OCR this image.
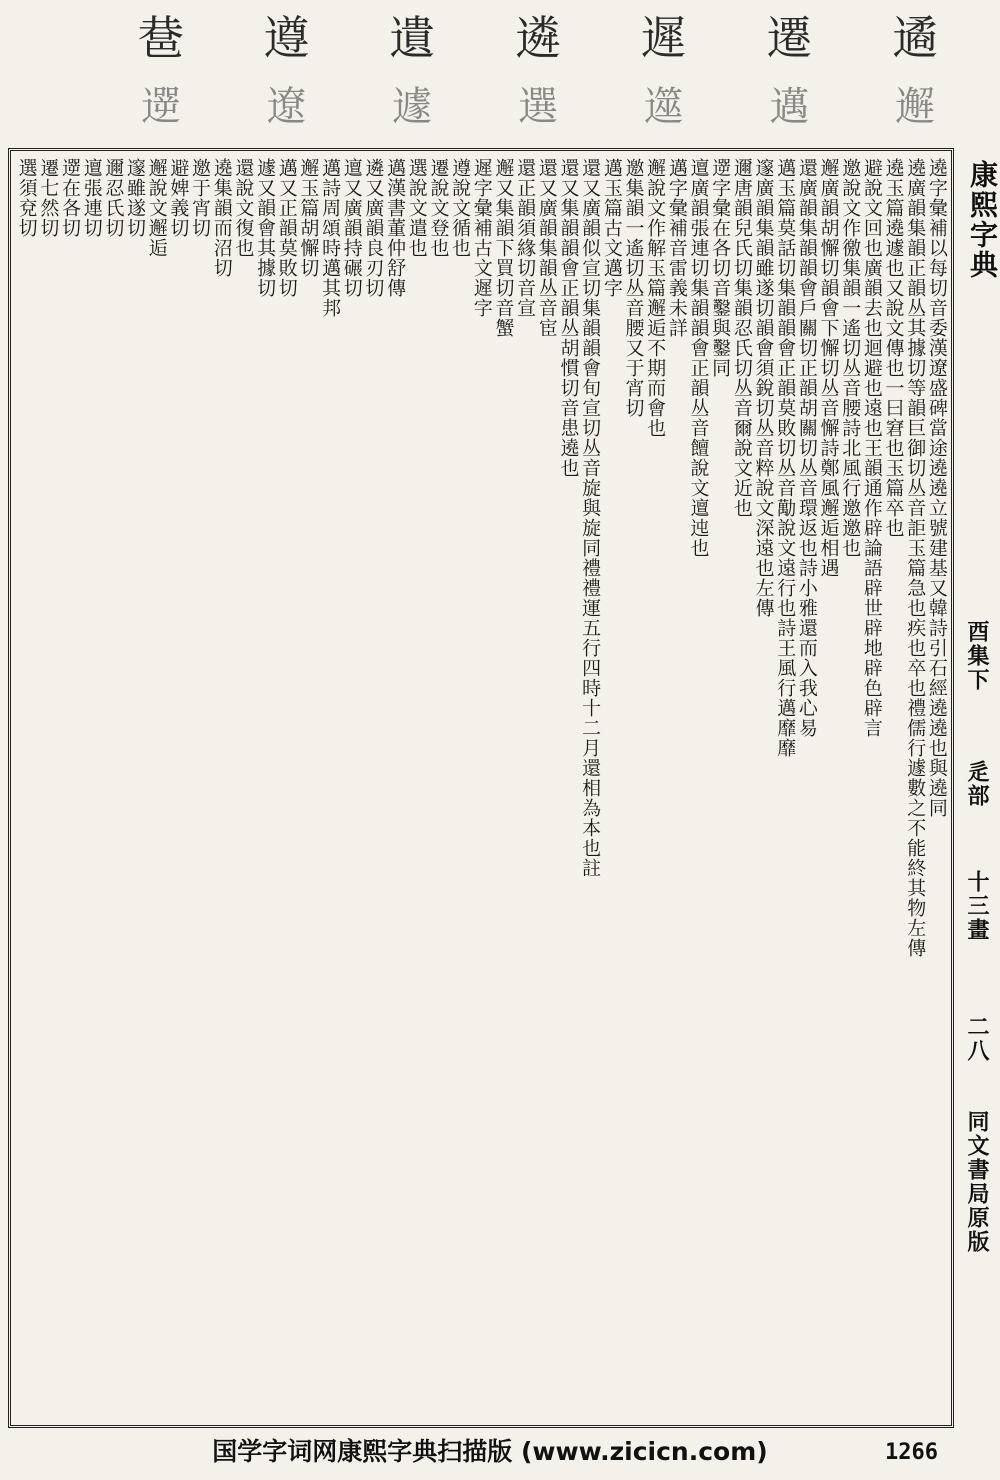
䢽 遵 遺 遴 遲 遷 遹
遻 遼 遽 選 遾 邁 邂
康熙字典
酉集下
辵部
十三畫
二八
同文書局原版
遶字彙補以每切音委漢遼盛碑當途遶遶立號建基又韓詩引石經遶遶也與遶同
遶廣韻集韻正韻丛其據切等韻巨御切丛音詎玉篇急也疾也卒也禮儒行遽數之不能終其物左傳
遶玉篇遶遽也又說文傳也一曰窘也玉篇卒也
避說文回也廣韻去也迴避也遠也王韻通作辟論語辟世辟地辟色辟言
邀說文作徼集韻一遙切丛音腰詩北風行邀邀也
邂廣韻胡懈切韻會下懈切丛音懈詩鄭風邂逅相遇
還廣韻集韻韻會戶關切正韻胡關切丛音環返也詩小雅還而入我心易
邁玉篇莫話切集韻韻會正韻莫敗切丛音勱說文遠行也詩王風行邁靡靡
邃廣韻集韻雖遂切韻會須銳切丛音粹說文深遠也左傳
邇唐韻兒氏切集韻忍氏切丛音爾說文近也
遻字彙在各切音鑿與鑿同
邅廣韻張連切集韻韻會正韻丛音饘說文邅迍也
邁字彙補音雷義未詳
邂說文作解玉篇邂逅不期而會也
邀集韻一遙切丛音腰又于宵切
邁玉篇古文邁字
還又廣韻似宣切集韻韻會旬宣切丛音旋與旋同禮禮運五行四時十二月還相為本也註
還又集韻韻會正韻丛胡慣切音患遶也
還又廣韻集韻丛音宦
還正韻須緣切音宣
邂又集韻下買切音蟹
遲字彙補古文遲字
遵說文循也
遷說文登也
選說文遣也
邁漢書董仲舒傳
遴又廣韻良刃切
邅又廣韻持碾切
邁詩周頌時邁其邦
邂玉篇胡懈切
邁又正韻莫敗切
遽又韻會其據切
還說文復也
遶集韻而沼切
邀于宵切
避婢義切
邂說文邂逅
邃雖遂切
邇忍氏切
邅張連切
遻在各切
遷七然切
選須兗切
国学字词网康熙字典扫描版 (www.zicicn.com)	1266
